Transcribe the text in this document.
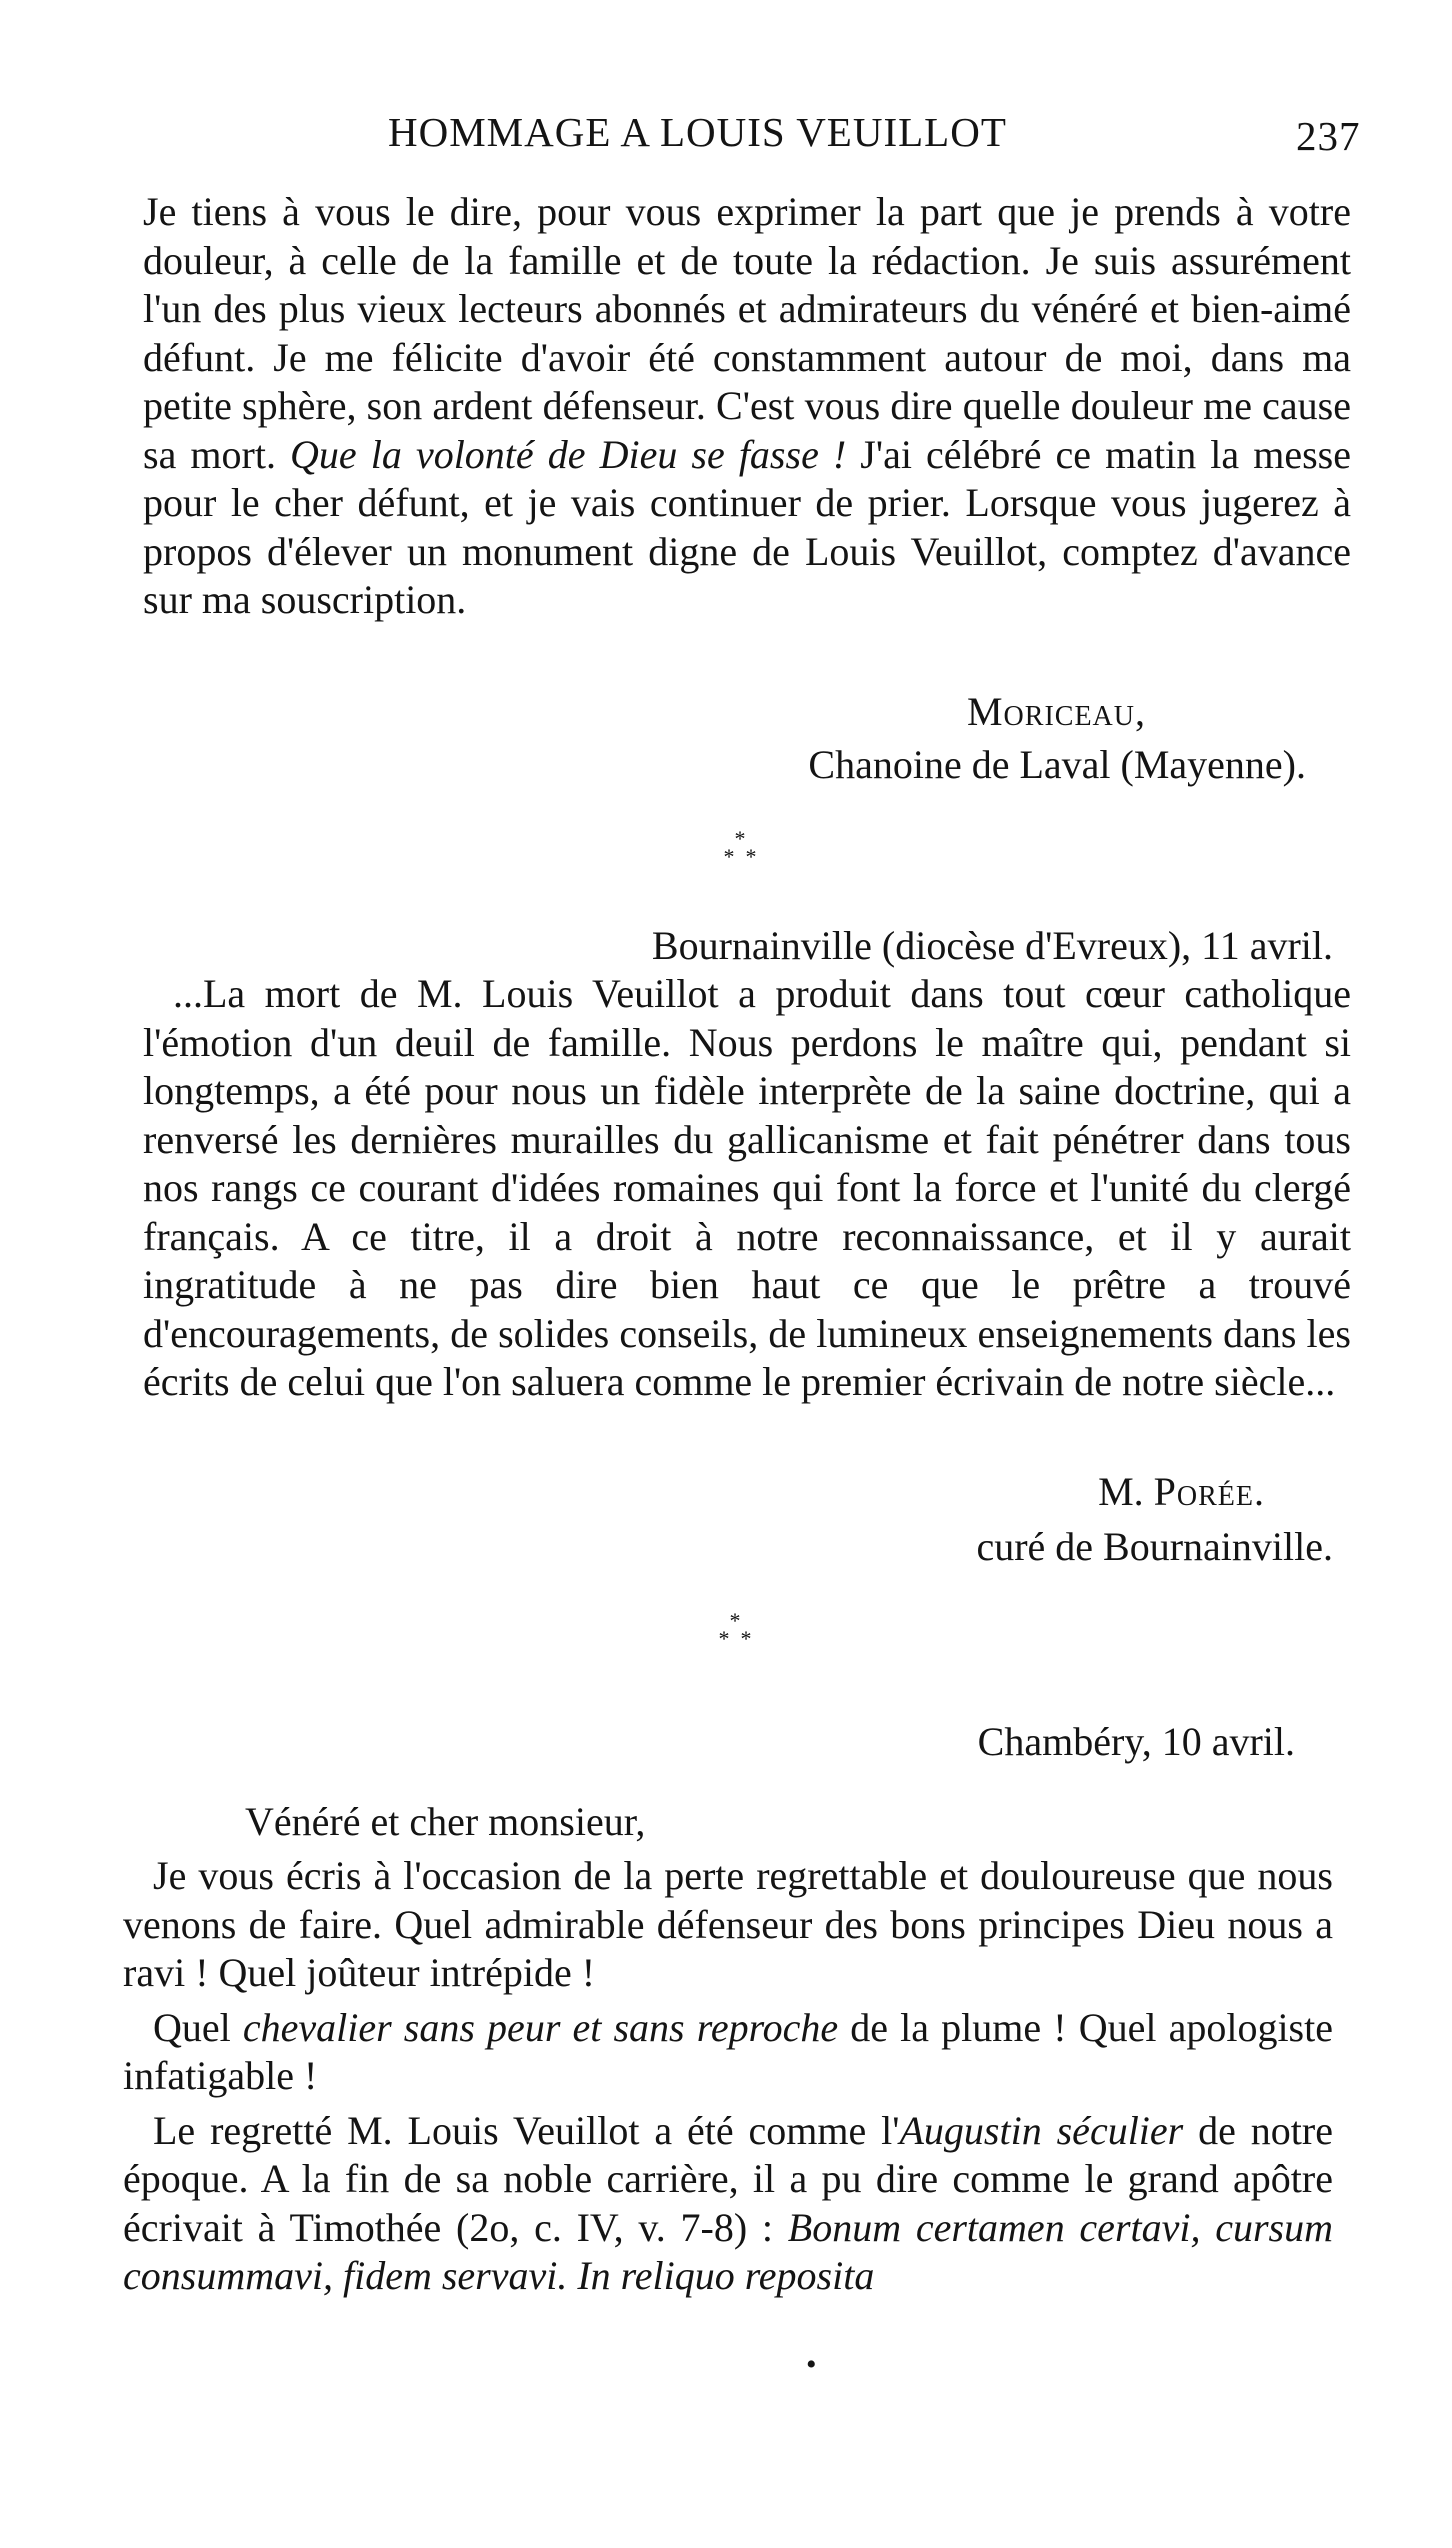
HOMMAGE A LOUIS VEUILLOT	237

Je tiens à vous le dire, pour vous exprimer la part que je prends à votre douleur, à celle de la famille et de toute la rédaction. Je suis assurément l'un des plus vieux lecteurs abonnés et admirateurs du vénéré et bien-aimé défunt. Je me félicite d'avoir été constamment autour de moi, dans ma petite sphère, son ardent défenseur. C'est vous dire quelle douleur me cause sa mort. Que la volonté de Dieu se fasse ! J'ai célébré ce matin la messe pour le cher défunt, et je vais continuer de prier. Lorsque vous jugerez à propos d'élever un monument digne de Louis Veuillot, comptez d'avance sur ma souscription.

Moriceau,

Chanoine de Laval (Mayenne).

*
* *

Bournainville (diocèse d'Evreux), 11 avril.

...La mort de M. Louis Veuillot a produit dans tout cœur catholique l'émotion d'un deuil de famille. Nous perdons le maître qui, pendant si longtemps, a été pour nous un fidèle interprète de la saine doctrine, qui a renversé les dernières murailles du gallicanisme et fait pénétrer dans tous nos rangs ce courant d'idées romaines qui font la force et l'unité du clergé français. A ce titre, il a droit à notre reconnaissance, et il y aurait ingratitude à ne pas dire bien haut ce que le prêtre a trouvé d'encouragements, de solides conseils, de lumineux enseignements dans les écrits de celui que l'on saluera comme le premier écrivain de notre siècle...

M. Porée.

curé de Bournainville.

*
* *

Chambéry, 10 avril.

Vénéré et cher monsieur,

Je vous écris à l'occasion de la perte regrettable et douloureuse que nous venons de faire. Quel admirable défenseur des bons principes Dieu nous a ravi ! Quel joûteur intrépide !

Quel chevalier sans peur et sans reproche de la plume ! Quel apologiste infatigable !

Le regretté M. Louis Veuillot a été comme l'Augustin séculier de notre époque. A la fin de sa noble carrière, il a pu dire comme le grand apôtre écrivait à Timothée (2o, c. IV, v. 7-8) : Bonum certamen certavi, cursum consummavi, fidem servavi. In reliquo reposita

•
